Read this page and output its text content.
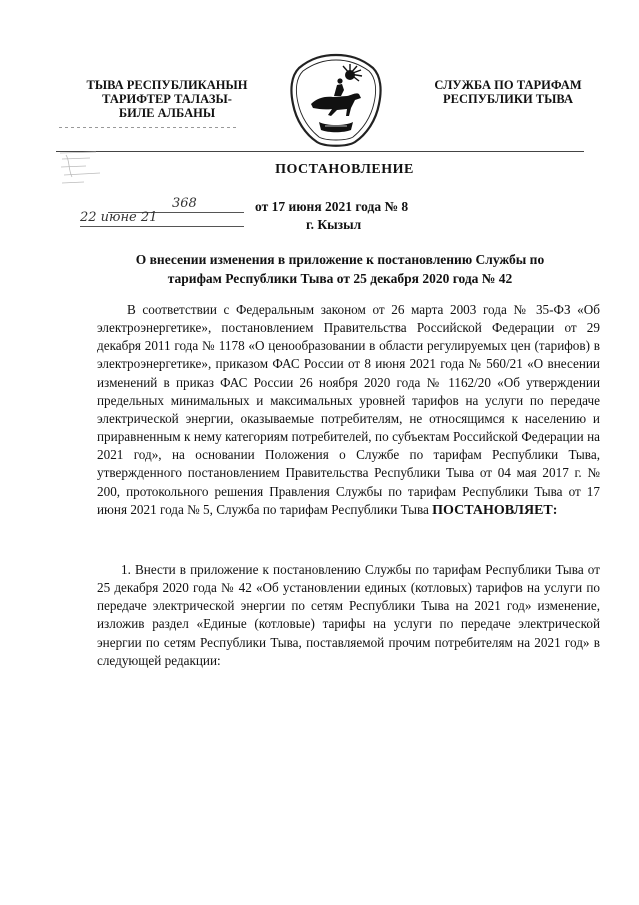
ТЫВА РЕСПУБЛИКАНЫН
ТАРИФТЕР ТАЛАЗЫ-
БИЛЕ АЛБАНЫ
СЛУЖБА ПО ТАРИФАМ
РЕСПУБЛИКИ ТЫВА
ПОСТАНОВЛЕНИЕ
368
22 июне 21
от 17 июня 2021 года № 8
г. Кызыл
О внесении изменения в приложение к постановлению Службы по
тарифам Республики Тыва от 25 декабря 2020 года № 42
В соответствии с Федеральным законом от 26 марта 2003 года № 35-ФЗ «Об электроэнергетике», постановлением Правительства Российской Федерации от 29 декабря 2011 года № 1178 «О ценообразовании в области регулируемых цен (тарифов) в электроэнергетике», приказом ФАС России от 8 июня 2021 года № 560/21 «О внесении изменений в приказ ФАС России 26 ноября 2020 года № 1162/20 «Об утверждении предельных минимальных и максимальных уровней тарифов на услуги по передаче электрической энергии, оказываемые потребителям, не относящимся к населению и приравненным к нему категориям потребителей, по субъектам Российской Федерации на 2021 год», на основании Положения о Службе по тарифам Республики Тыва, утвержденного постановлением Правительства Республики Тыва от 04 мая 2017 г. № 200, протокольного решения Правления Службы по тарифам Республики Тыва от 17 июня 2021 года № 5, Служба по тарифам Республики Тыва ПОСТАНОВЛЯЕТ:
1. Внести в приложение к постановлению Службы по тарифам Республики Тыва от 25 декабря 2020 года № 42 «Об установлении единых (котловых) тарифов на услуги по передаче электрической энергии по сетям Республики Тыва на 2021 год» изменение, изложив раздел «Единые (котловые) тарифы на услуги по передаче электрической энергии по сетям Республики Тыва, поставляемой прочим потребителям на 2021 год» в следующей редакции:
